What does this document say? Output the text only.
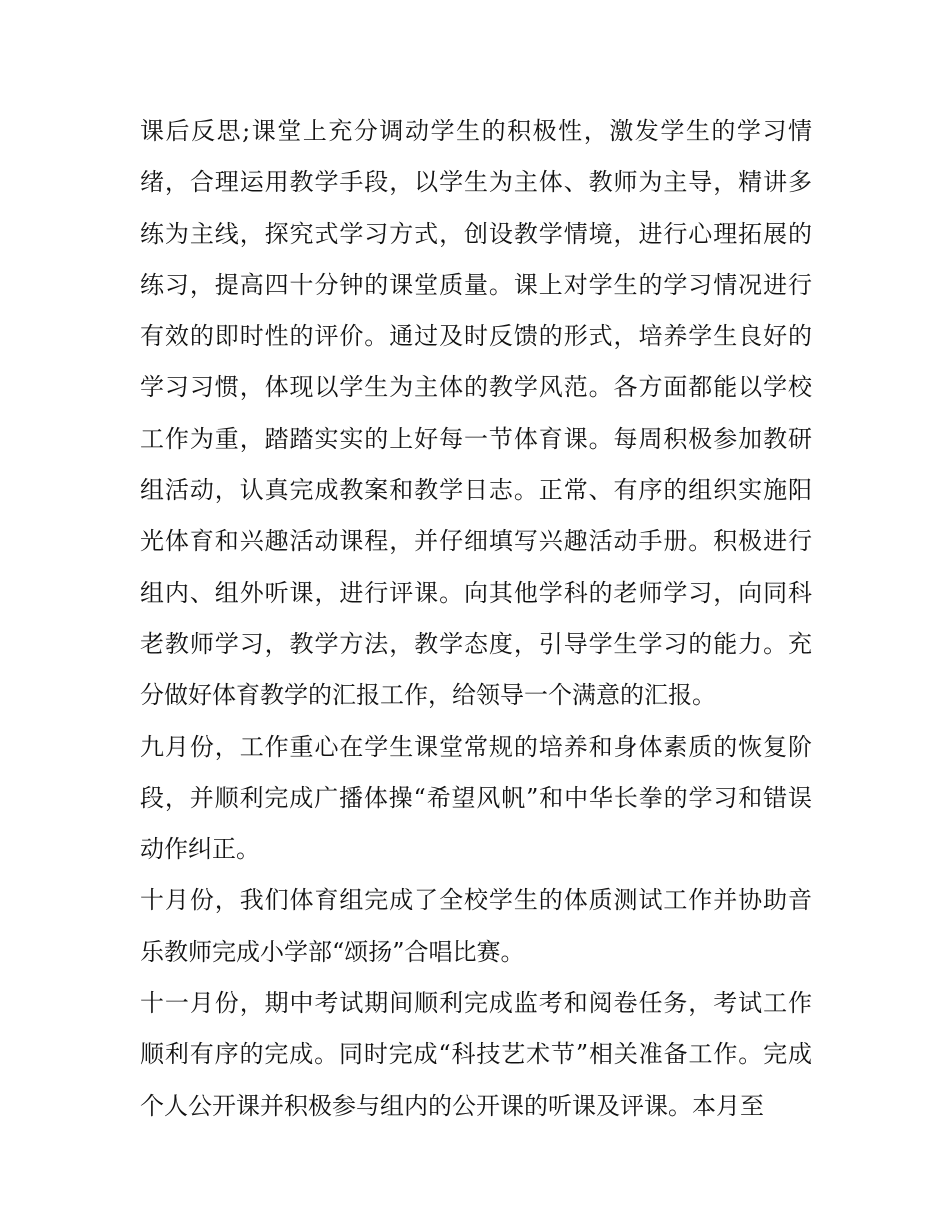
课后反思;课堂上充分调动学生的积极性，激发学生的学习情
绪，合理运用教学手段，以学生为主体、教师为主导，精讲多
练为主线，探究式学习方式，创设教学情境，进行心理拓展的
练习，提高四十分钟的课堂质量。课上对学生的学习情况进行
有效的即时性的评价。通过及时反馈的形式，培养学生良好的
学习习惯，体现以学生为主体的教学风范。各方面都能以学校
工作为重，踏踏实实的上好每一节体育课。每周积极参加教研
组活动，认真完成教案和教学日志。正常、有序的组织实施阳
光体育和兴趣活动课程，并仔细填写兴趣活动手册。积极进行
组内、组外听课，进行评课。向其他学科的老师学习，向同科
老教师学习，教学方法，教学态度，引导学生学习的能力。充
分做好体育教学的汇报工作，给领导一个满意的汇报。
九月份，工作重心在学生课堂常规的培养和身体素质的恢复阶
段，并顺利完成广播体操“希望风帆”和中华长拳的学习和错误
动作纠正。
十月份，我们体育组完成了全校学生的体质测试工作并协助音
乐教师完成小学部“颂扬”合唱比赛。
十一月份，期中考试期间顺利完成监考和阅卷任务，考试工作
顺利有序的完成。同时完成“科技艺术节”相关准备工作。完成
个人公开课并积极参与组内的公开课的听课及评课。本月至
